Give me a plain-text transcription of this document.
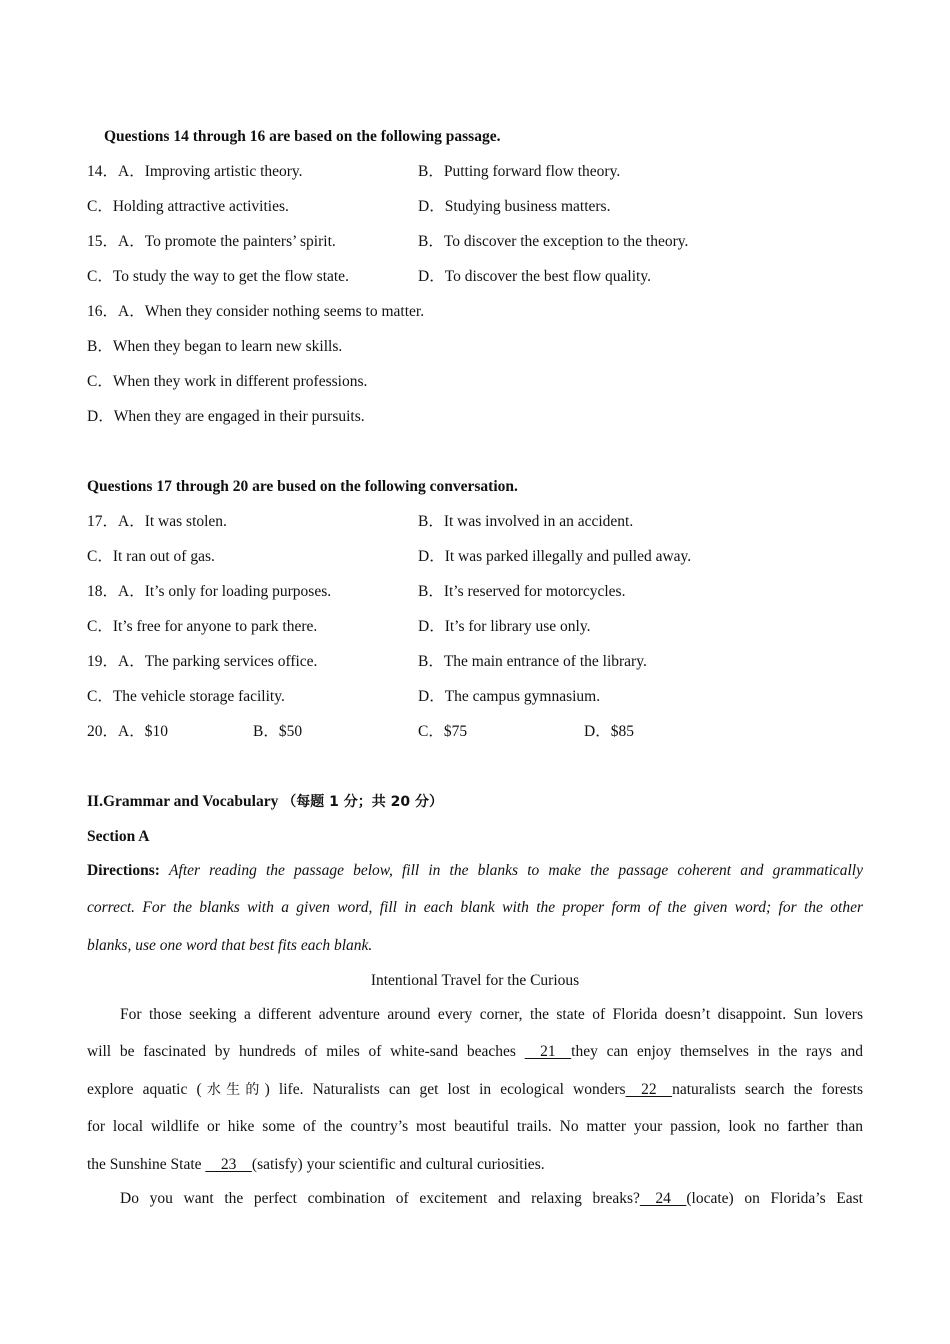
Questions 14 through 16 are based on the following passage.
14．A．Improving artistic theory.	B．Putting forward flow theory.
C．Holding attractive activities.	D．Studying business matters.
15．A．To promote the painters’ spirit.	B．To discover the exception to the theory.
C．To study the way to get the flow state.	D．To discover the best flow quality.
16．A．When they consider nothing seems to matter.
B．When they began to learn new skills.
C．When they work in different professions.
D．When they are engaged in their pursuits.
Questions 17 through 20 are bused on the following conversation.
17．A．It was stolen.	B．It was involved in an accident.
C．It ran out of gas.	D．It was parked illegally and pulled away.
18．A．It’s only for loading purposes.	B．It’s reserved for motorcycles.
C．It’s free for anyone to park there.	D．It’s for library use only.
19．A．The parking services office.	B．The main entrance of the library.
C．The vehicle storage facility.	D．The campus gymnasium.
20．A．$10	B．$50	C．$75	D．$85
II.Grammar and Vocabulary （每题 1 分；共 20 分）
Section A
Directions: After reading the passage below, fill in the blanks to make the passage coherent and grammatically
correct. For the blanks with a given word, fill in each blank with the proper form of the given word; for the other
blanks, use one word that best fits each blank.
Intentional Travel for the Curious
For those seeking a different adventure around every corner, the state of Florida doesn’t disappoint. Sun lovers
will be fascinated by hundreds of miles of white-sand beaches     21    they can enjoy themselves in the rays and
explore aquatic (水生的) life. Naturalists can get lost in ecological wonders    22    naturalists search the forests
for local wildlife or hike some of the country’s most beautiful trails. No matter your passion, look no farther than
the Sunshine State     23    (satisfy) your scientific and cultural curiosities.
Do you want the perfect combination of excitement and relaxing breaks?    24    (locate) on Florida’s East
